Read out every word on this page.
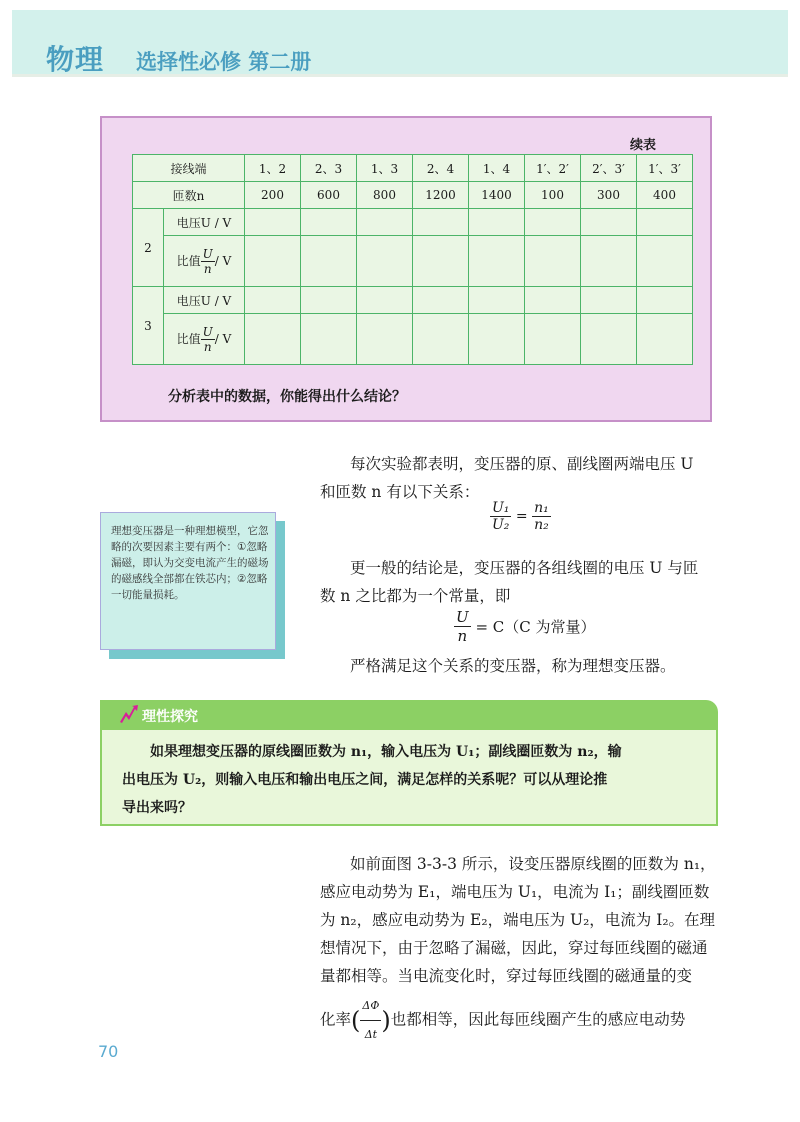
物理 选择性必修 第二册
续表
接线端		1、2	2、3	1、3	2、4	1、4	1′、2′	2′、3′	1′、3′
匝数n		200	600	800	1200	1400	100	300	400
2	电压U / V								
	比值 $\frac{U}{n}$ / V								
3	电压U / V								
	比值 $\frac{U}{n}$ / V								
分析表中的数据，你能得出什么结论？
每次实验都表明，变压器的原、副线圈两端电压 U
和匝数 n 有以下关系：
$\frac{\text{U₁}}{\text{U₂}} = \frac{\text{n₁}}{\text{n₂}}$
更一般的结论是，变压器的各组线圈的电压 U 与匝
数 n 之比都为一个常量，即
$\frac{U}{n} = C(C$ 为常量）
严格满足这个关系的变压器，称为理想变压器。
理想变压器是一种理想模型，它忽略的次要因素主要有两个：①忽略漏磁，即认为交变电流产生的磁场的磁感线全部都在铁芯内；②忽略一切能量损耗。
如果理想变压器的原线圈匝数为 n₁，输入电压为 U₁；副线圈匝数为 n₂，输
出电压为 U₂，则输入电压和输出电压之间，满足怎样的关系呢？可以从理论推
导出来吗？
理性探究
如前面图 3-3-3 所示，设变压器原线圈的匝数为 n₁，
感应电动势为 E₁，端电压为 U₁，电流为 I₁；副线圈匝数
为 n₂，感应电动势为 E₂，端电压为 U₂，电流为 I₂。在理
想情况下，由于忽略了漏磁，因此，穿过每匝线圈的磁通
量都相等。当电流变化时，穿过每匝线圈的磁通量的变
化率( $\frac{\Delta\Phi}{\Delta t}$ )也都相等，因此每匝线圈产生的感应电动势
70
